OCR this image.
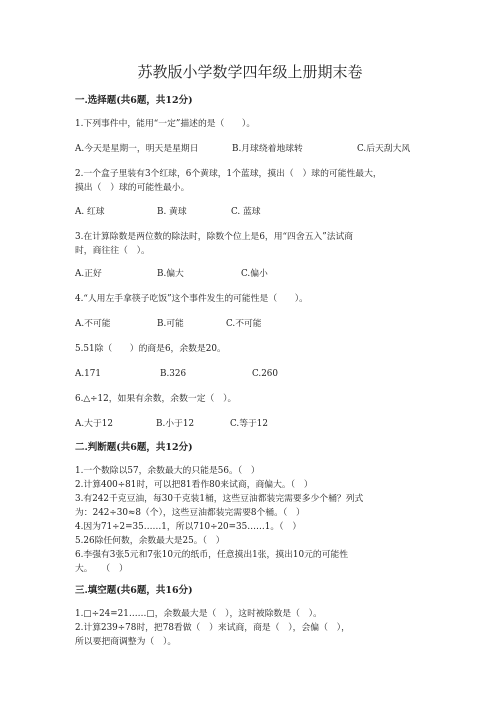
苏教版小学数学四年级上册期末卷
一.选择题(共6题，共12分)
1.下列事件中，能用“一定”描述的是（　　）。
A.今天是星期一，明天是星期日	B.月球绕着地球转	C.后天刮大风
2.一个盒子里装有3个红球，6个黄球，1个蓝球，摸出（　）球的可能性最大，
摸出（　）球的可能性最小。
A. 红球	B. 黄球	C. 蓝球
3.在计算除数是两位数的除法时，除数个位上是6，用“四舍五入”法试商
时，商往往（　）。
A.正好	B.偏大	C.偏小
4.“人用左手拿筷子吃饭”这个事件发生的可能性是（　　）。
A.不可能	B.可能	C.不可能
5.51除（　　）的商是6，余数是20。
A.171	B.326	C.260
6.△÷12，如果有余数，余数一定（　）。
A.大于12	B.小于12	C.等于12
二.判断题(共6题，共12分)
1.一个数除以57，余数最大的只能是56。（　）
2.计算400÷81时，可以把81看作80来试商，商偏大。（　）
3.有242千克豆油，每30千克装1桶，这些豆油都装完需要多少个桶？列式
为：242÷30≈8（个），这些豆油都装完需要8个桶。（　）
4.因为71÷2=35……1，所以710÷20=35……1。（　）
5.26除任何数，余数最大是25。（　）
6.李强有3张5元和7张10元的纸币，任意摸出1张，摸出10元的可能性
大。　　（　）
三.填空题(共6题，共16分)
1.□÷24=21……□，余数最大是（　），这时被除数是（　）。
2.计算239÷78时，把78看做（　）来试商，商是（　），会偏（　），
所以要把商调整为（　）。
